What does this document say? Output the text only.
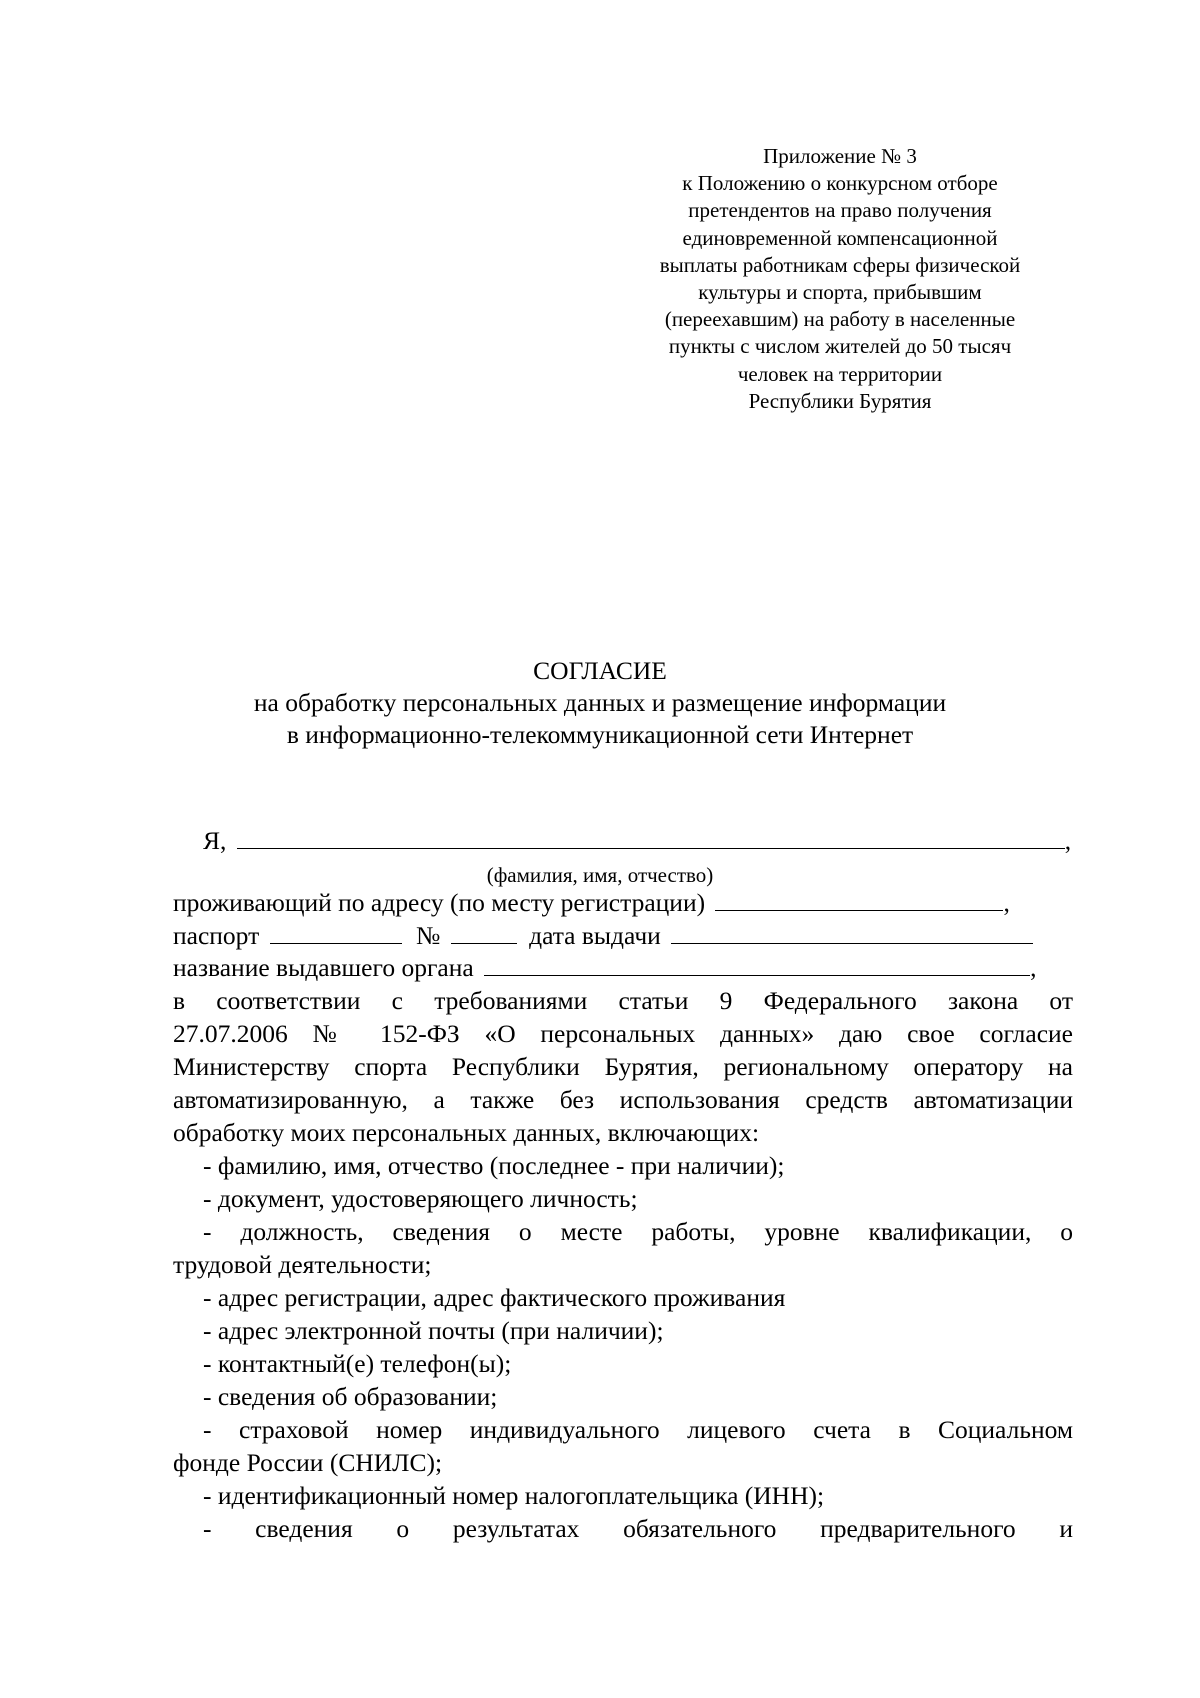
Приложение № 3
к Положению о конкурсном отборе
претендентов на право получения
единовременной компенсационной
выплаты работникам сферы физической
культуры и спорта, прибывшим
(переехавшим) на работу в населенные
пункты с числом жителей до 50 тысяч
человек на территории
Республики Бурятия
СОГЛАСИЕ
на обработку персональных данных и размещение информации
в информационно-телекоммуникационной сети Интернет
Я,	,
(фамилия, имя, отчество)
проживающий по адресу (по месту регистрации)	,
паспорт	№	дата выдачи
название выдавшего органа	,
в соответствии с требованиями статьи 9 Федерального закона от
27.07.2006 № 152-ФЗ «О персональных данных» даю свое согласие
Министерству спорта Республики Бурятия, региональному оператору на
автоматизированную, а также без использования средств автоматизации
обработку моих персональных данных, включающих:
- фамилию, имя, отчество (последнее - при наличии);
- документ, удостоверяющего личность;
- должность, сведения о месте работы, уровне квалификации, о
трудовой деятельности;
- адрес регистрации, адрес фактического проживания
- адрес электронной почты (при наличии);
- контактный(е) телефон(ы);
- сведения об образовании;
- страховой номер индивидуального лицевого счета в Социальном
фонде России (СНИЛС);
- идентификационный номер налогоплательщика (ИНН);
- сведения о результатах обязательного предварительного и
